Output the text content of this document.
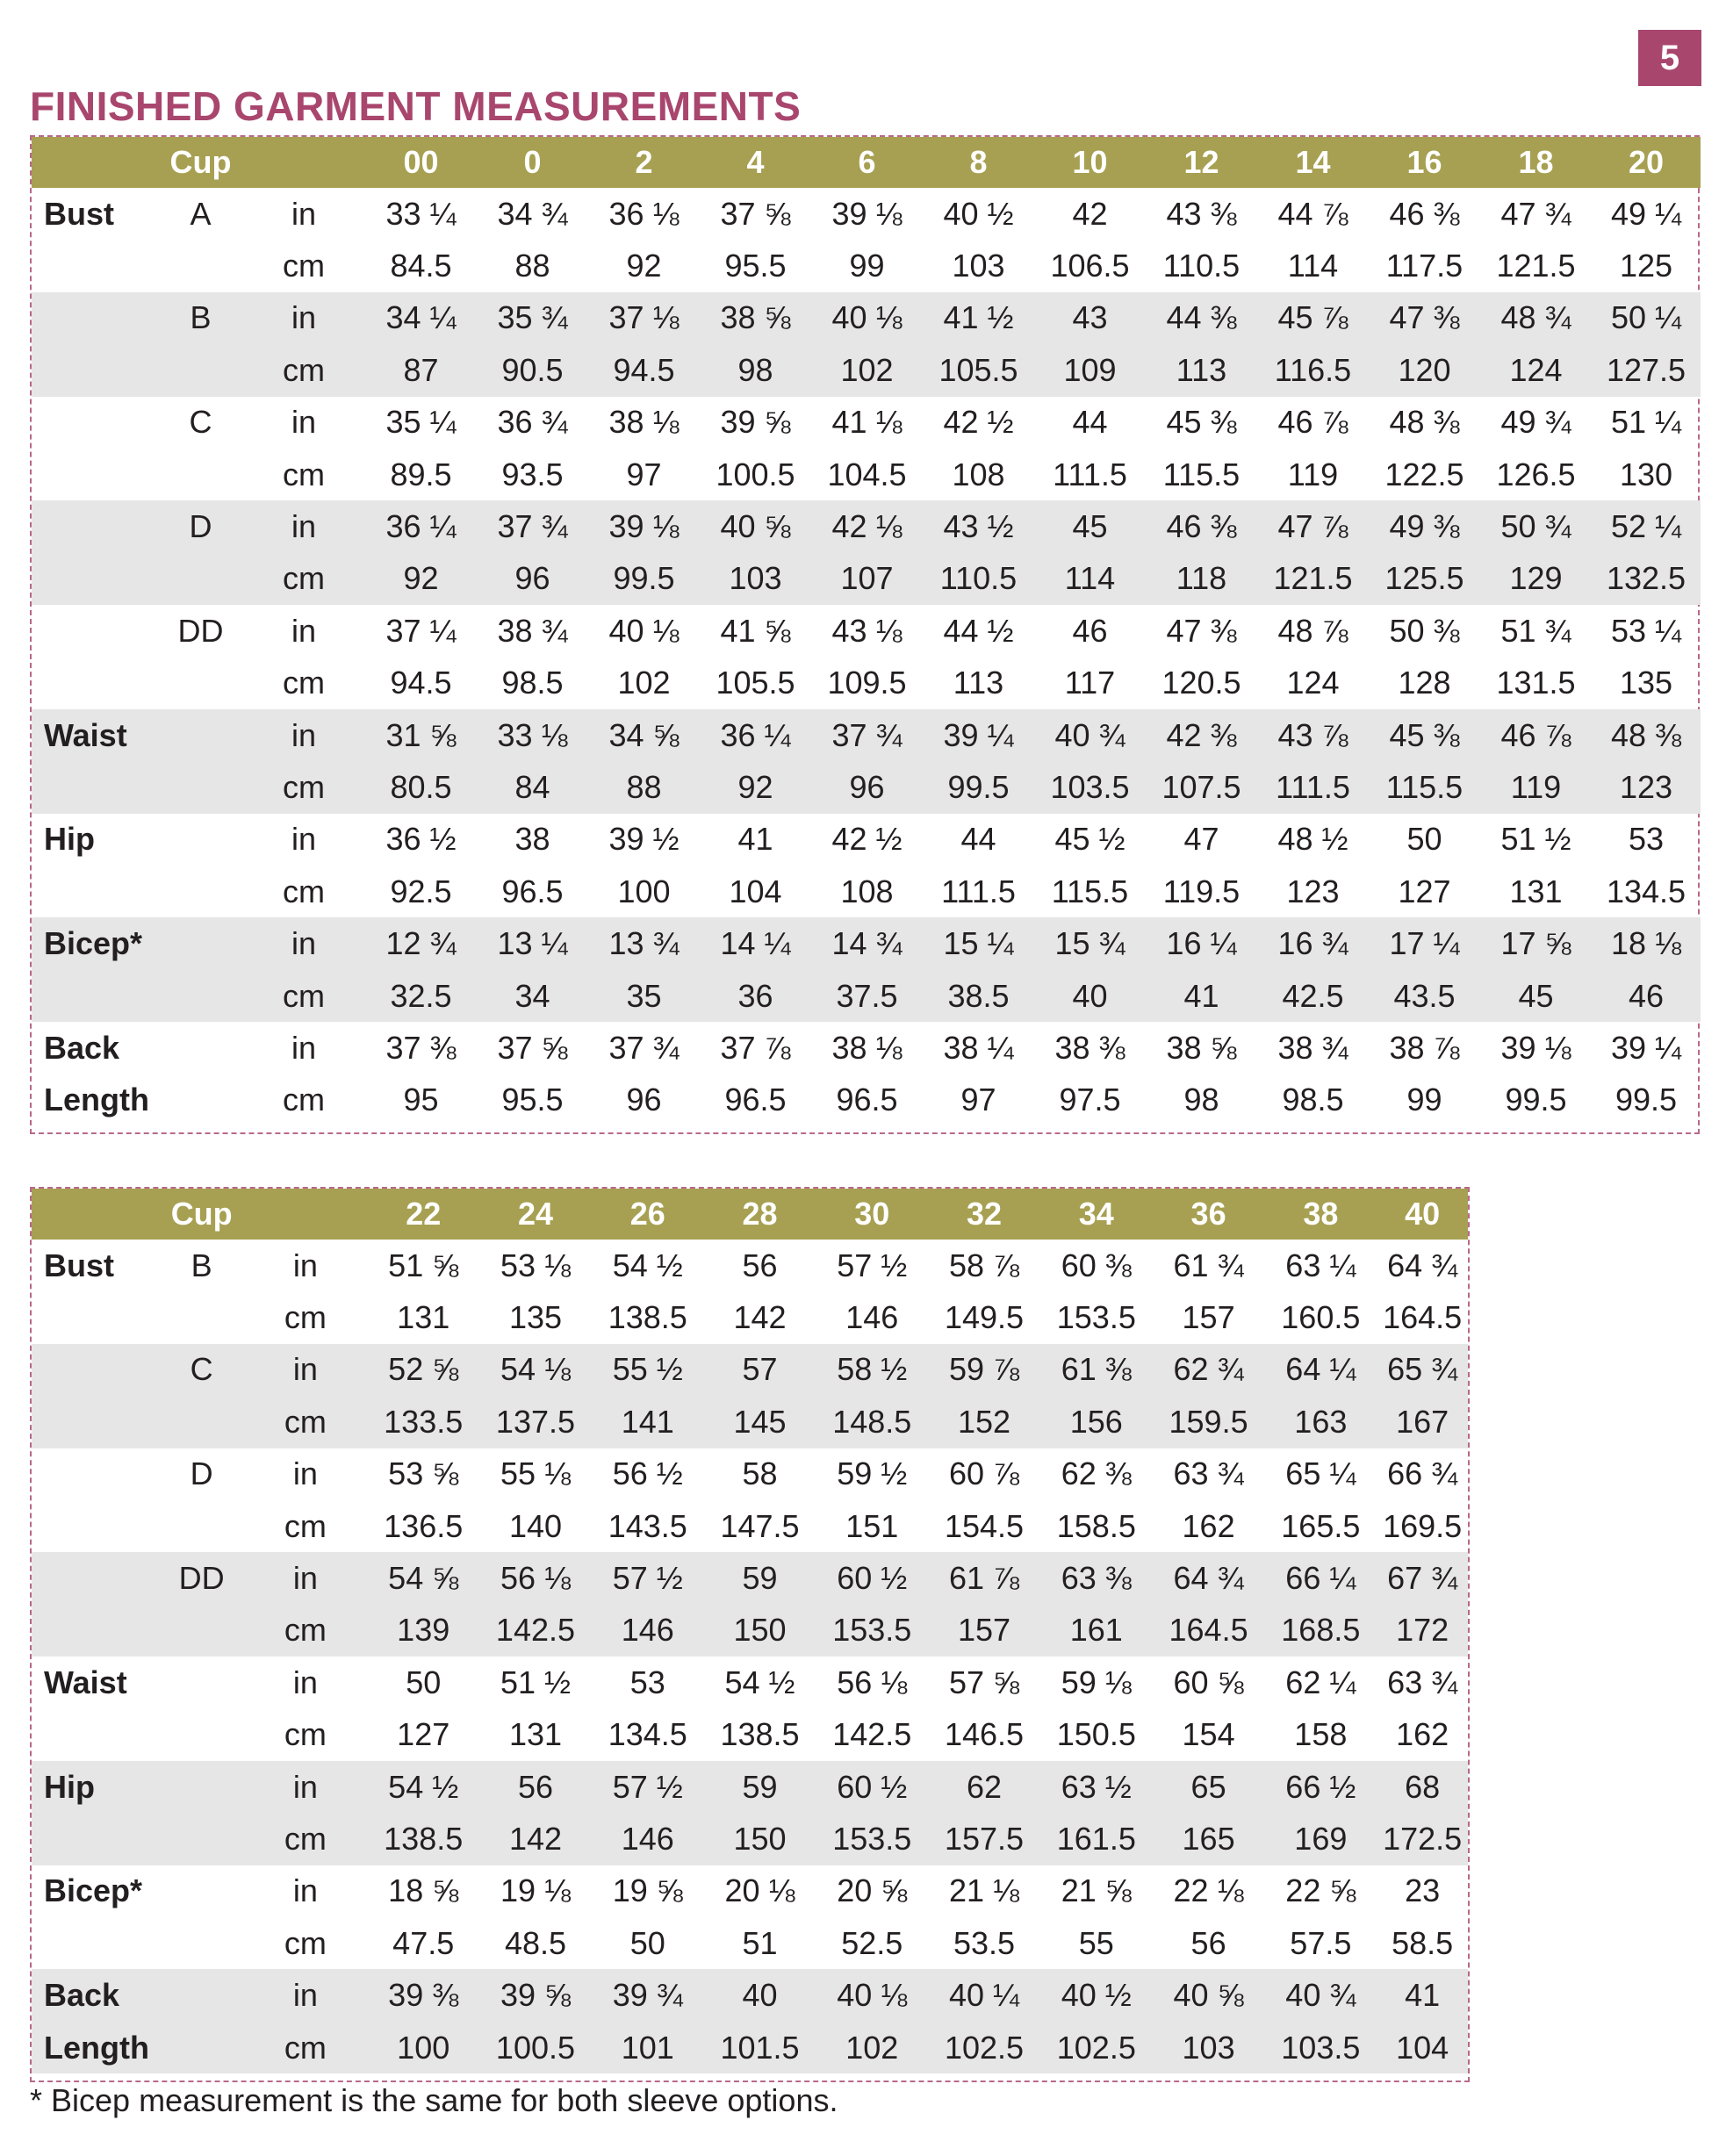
5
FINISHED GARMENT MEASUREMENTS
	Cup		00	0	2	4	6	8	10	12	14	16	18	20
Bust	A	in	33 ¼	34 ¾	36 ⅛	37 ⅝	39 ⅛	40 ½	42	43 ⅜	44 ⅞	46 ⅜	47 ¾	49 ¼
		cm	84.5	88	92	95.5	99	103	106.5	110.5	114	117.5	121.5	125
	B	in	34 ¼	35 ¾	37 ⅛	38 ⅝	40 ⅛	41 ½	43	44 ⅜	45 ⅞	47 ⅜	48 ¾	50 ¼
		cm	87	90.5	94.5	98	102	105.5	109	113	116.5	120	124	127.5
	C	in	35 ¼	36 ¾	38 ⅛	39 ⅝	41 ⅛	42 ½	44	45 ⅜	46 ⅞	48 ⅜	49 ¾	51 ¼
		cm	89.5	93.5	97	100.5	104.5	108	111.5	115.5	119	122.5	126.5	130
	D	in	36 ¼	37 ¾	39 ⅛	40 ⅝	42 ⅛	43 ½	45	46 ⅜	47 ⅞	49 ⅜	50 ¾	52 ¼
		cm	92	96	99.5	103	107	110.5	114	118	121.5	125.5	129	132.5
	DD	in	37 ¼	38 ¾	40 ⅛	41 ⅝	43 ⅛	44 ½	46	47 ⅜	48 ⅞	50 ⅜	51 ¾	53 ¼
		cm	94.5	98.5	102	105.5	109.5	113	117	120.5	124	128	131.5	135
Waist		in	31 ⅝	33 ⅛	34 ⅝	36 ¼	37 ¾	39 ¼	40 ¾	42 ⅜	43 ⅞	45 ⅜	46 ⅞	48 ⅜
		cm	80.5	84	88	92	96	99.5	103.5	107.5	111.5	115.5	119	123
Hip		in	36 ½	38	39 ½	41	42 ½	44	45 ½	47	48 ½	50	51 ½	53
		cm	92.5	96.5	100	104	108	111.5	115.5	119.5	123	127	131	134.5
Bicep*		in	12 ¾	13 ¼	13 ¾	14 ¼	14 ¾	15 ¼	15 ¾	16 ¼	16 ¾	17 ¼	17 ⅝	18 ⅛
		cm	32.5	34	35	36	37.5	38.5	40	41	42.5	43.5	45	46
Back		in	37 ⅜	37 ⅝	37 ¾	37 ⅞	38 ⅛	38 ¼	38 ⅜	38 ⅝	38 ¾	38 ⅞	39 ⅛	39 ¼
Length		cm	95	95.5	96	96.5	96.5	97	97.5	98	98.5	99	99.5	99.5
	Cup		22	24	26	28	30	32	34	36	38	40
Bust	B	in	51 ⅝	53 ⅛	54 ½	56	57 ½	58 ⅞	60 ⅜	61 ¾	63 ¼	64 ¾
		cm	131	135	138.5	142	146	149.5	153.5	157	160.5	164.5
	C	in	52 ⅝	54 ⅛	55 ½	57	58 ½	59 ⅞	61 ⅜	62 ¾	64 ¼	65 ¾
		cm	133.5	137.5	141	145	148.5	152	156	159.5	163	167
	D	in	53 ⅝	55 ⅛	56 ½	58	59 ½	60 ⅞	62 ⅜	63 ¾	65 ¼	66 ¾
		cm	136.5	140	143.5	147.5	151	154.5	158.5	162	165.5	169.5
	DD	in	54 ⅝	56 ⅛	57 ½	59	60 ½	61 ⅞	63 ⅜	64 ¾	66 ¼	67 ¾
		cm	139	142.5	146	150	153.5	157	161	164.5	168.5	172
Waist		in	50	51 ½	53	54 ½	56 ⅛	57 ⅝	59 ⅛	60 ⅝	62 ¼	63 ¾
		cm	127	131	134.5	138.5	142.5	146.5	150.5	154	158	162
Hip		in	54 ½	56	57 ½	59	60 ½	62	63 ½	65	66 ½	68
		cm	138.5	142	146	150	153.5	157.5	161.5	165	169	172.5
Bicep*		in	18 ⅝	19 ⅛	19 ⅝	20 ⅛	20 ⅝	21 ⅛	21 ⅝	22 ⅛	22 ⅝	23
		cm	47.5	48.5	50	51	52.5	53.5	55	56	57.5	58.5
Back		in	39 ⅜	39 ⅝	39 ¾	40	40 ⅛	40 ¼	40 ½	40 ⅝	40 ¾	41
Length		cm	100	100.5	101	101.5	102	102.5	102.5	103	103.5	104

* Bicep measurement is the same for both sleeve options.
